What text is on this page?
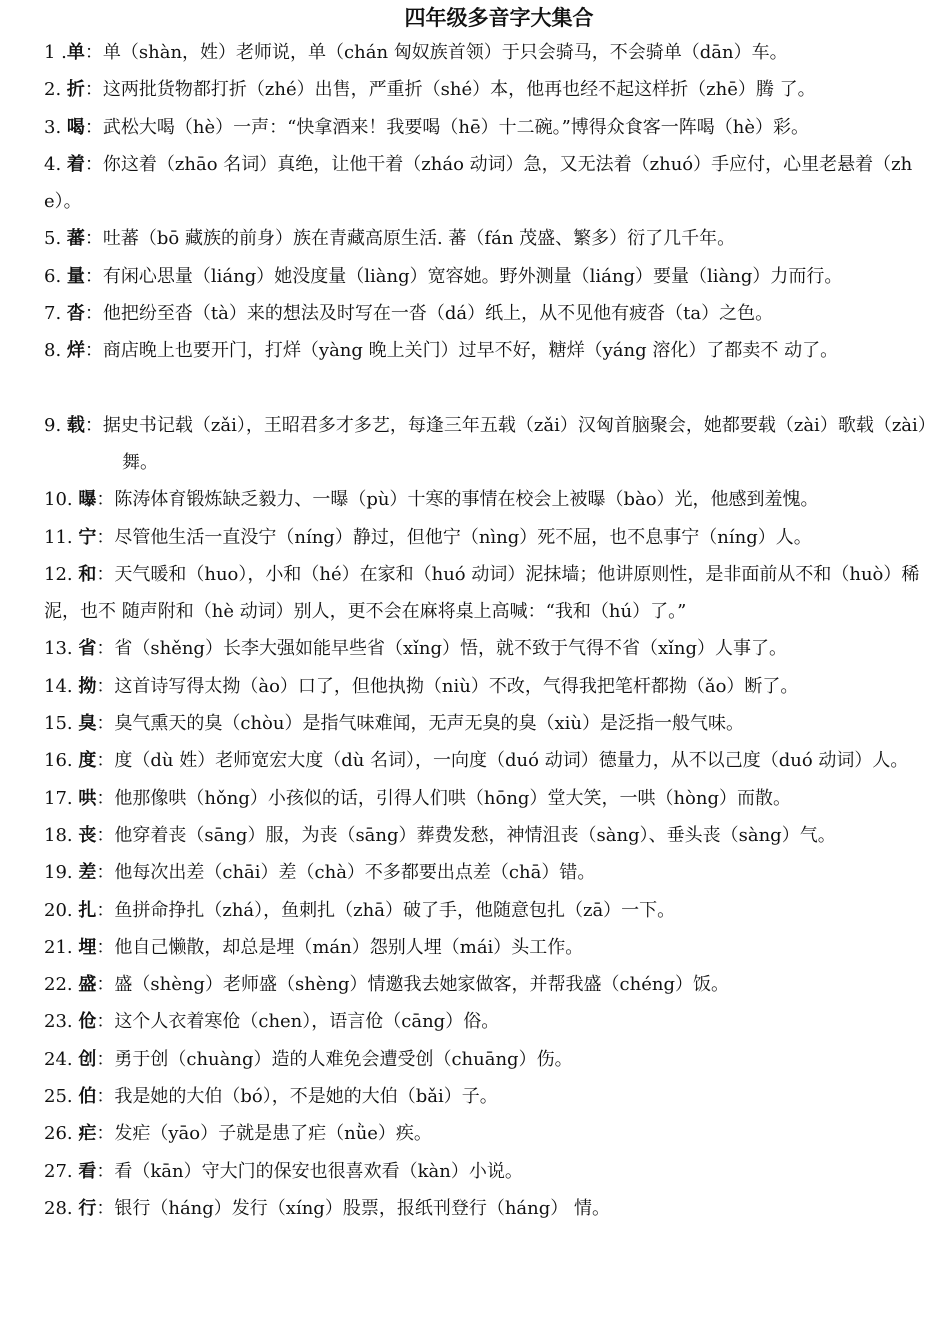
四年级多音字大集合
1 .单：单（shàn，姓）老师说，单（chán 匈奴族首领）于只会骑马，不会骑单（dān）车。
2. 折：这两批货物都打折（zhé）出售，严重折（shé）本，他再也经不起这样折（zhē）腾 了。
3. 喝：武松大喝（hè）一声：“快拿酒来！我要喝（hē）十二碗。”博得众食客一阵喝（hè）彩。
4. 着：你这着（zhāo 名词）真绝，让他干着（zháo 动词）急，又无法着（zhuó）手应付，心里老悬着（zhe）。
5. 蕃：吐蕃（bō 藏族的前身）族在青藏高原生活. 蕃（fán 茂盛、繁多）衍了几千年。
6. 量：有闲心思量（liáng）她没度量（liàng）宽容她。野外测量（liáng）要量（liàng）力而行。
7. 沓：他把纷至沓（tà）来的想法及时写在一沓（dá）纸上，从不见他有疲沓（ta）之色。
8. 烊：商店晚上也要开门，打烊（yàng 晚上关门）过早不好，糖烊（yáng 溶化）了都卖不 动了。
9. 载：据史书记载（zǎi），王昭君多才多艺，每逢三年五载（zǎi）汉匈首脑聚会，她都要载（zài）歌载（zài）舞。
10. 曝：陈涛体育锻炼缺乏毅力、一曝（pù）十寒的事情在校会上被曝（bào）光，他感到羞愧。
11. 宁：尽管他生活一直没宁（níng）静过，但他宁（nìng）死不屈，也不息事宁（níng）人。
12. 和：天气暖和（huo），小和（hé）在家和（huó 动词）泥抹墙；他讲原则性，是非面前从不和（huò）稀泥，也不 随声附和（hè 动词）别人，更不会在麻将桌上高喊：“我和（hú）了。”
13. 省：省（shěng）长李大强如能早些省（xǐng）悟，就不致于气得不省（xǐng）人事了。
14. 拗：这首诗写得太拗（ào）口了，但他执拗（niù）不改，气得我把笔杆都拗（ǎo）断了。
15. 臭：臭气熏天的臭（chòu）是指气味难闻，无声无臭的臭（xiù）是泛指一般气味。
16. 度：度（dù 姓）老师宽宏大度（dù 名词），一向度（duó 动词）德量力，从不以己度（duó 动词）人。
17. 哄：他那像哄（hǒng）小孩似的话，引得人们哄（hōng）堂大笑，一哄（hòng）而散。
18. 丧：他穿着丧（sāng）服，为丧（sāng）葬费发愁，神情沮丧（sàng）、垂头丧（sàng）气。
19. 差：他每次出差（chāi）差（chà）不多都要出点差（chā）错。
20. 扎：鱼拼命挣扎（zhá），鱼刺扎（zhā）破了手，他随意包扎（zā）一下。
21. 埋：他自己懒散，却总是埋（mán）怨别人埋（mái）头工作。
22. 盛：盛（shèng）老师盛（shèng）情邀我去她家做客，并帮我盛（chéng）饭。
23. 伧：这个人衣着寒伧（chen），语言伧（cāng）俗。
24. 创：勇于创（chuàng）造的人难免会遭受创（chuāng）伤。
25. 伯：我是她的大伯（bó），不是她的大伯（bǎi）子。
26. 疟：发疟（yāo）子就是患了疟（nǜe）疾。
27. 看：看（kān）守大门的保安也很喜欢看（kàn）小说。
28. 行：银行（háng）发行（xíng）股票，报纸刊登行（háng） 情。
